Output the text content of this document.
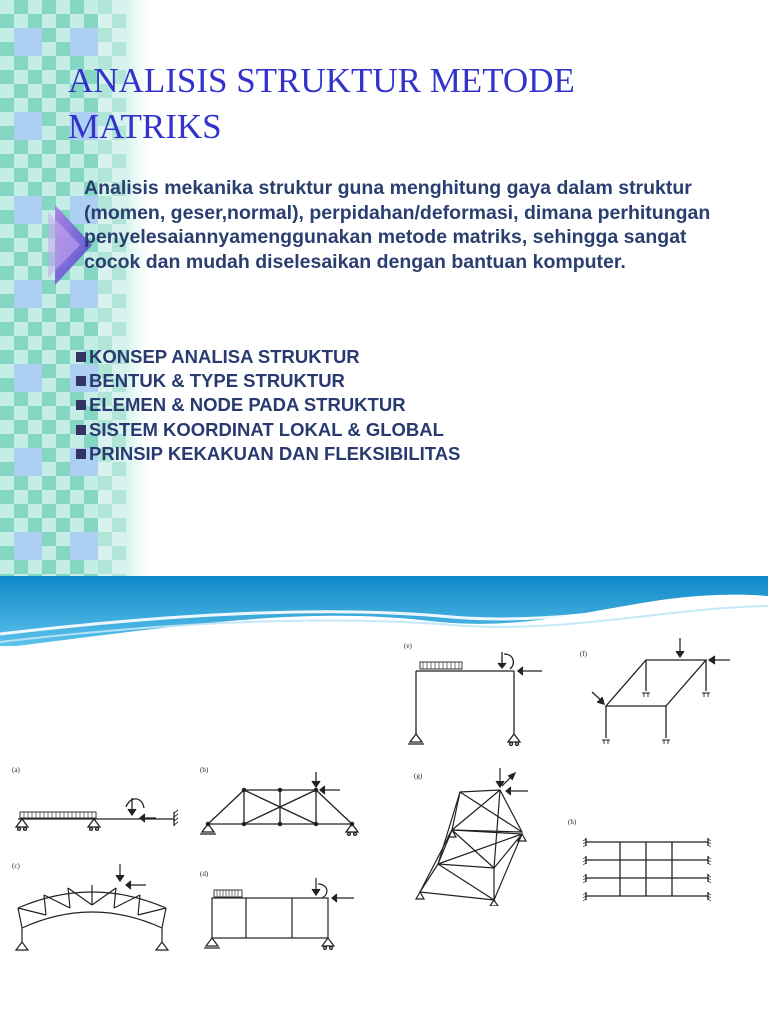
ANALISIS STRUKTUR METODE MATRIKS

Analisis mekanika struktur guna menghitung gaya dalam struktur (momen, geser,normal), perpidahan/deformasi, dimana perhitungan penyelesaiannyamenggunakan metode matriks, sehingga sangat cocok dan mudah diselesaikan dengan bantuan komputer.

KONSEP ANALISA STRUKTUR
BENTUK & TYPE STRUKTUR
ELEMEN & NODE PADA STRUKTUR
SISTEM KOORDINAT LOKAL & GLOBAL
PRINSIP KEKAKUAN DAN FLEKSIBILITAS
(e)
(f)
(a)	(b)
(g)
(h)
(c)
(d)
